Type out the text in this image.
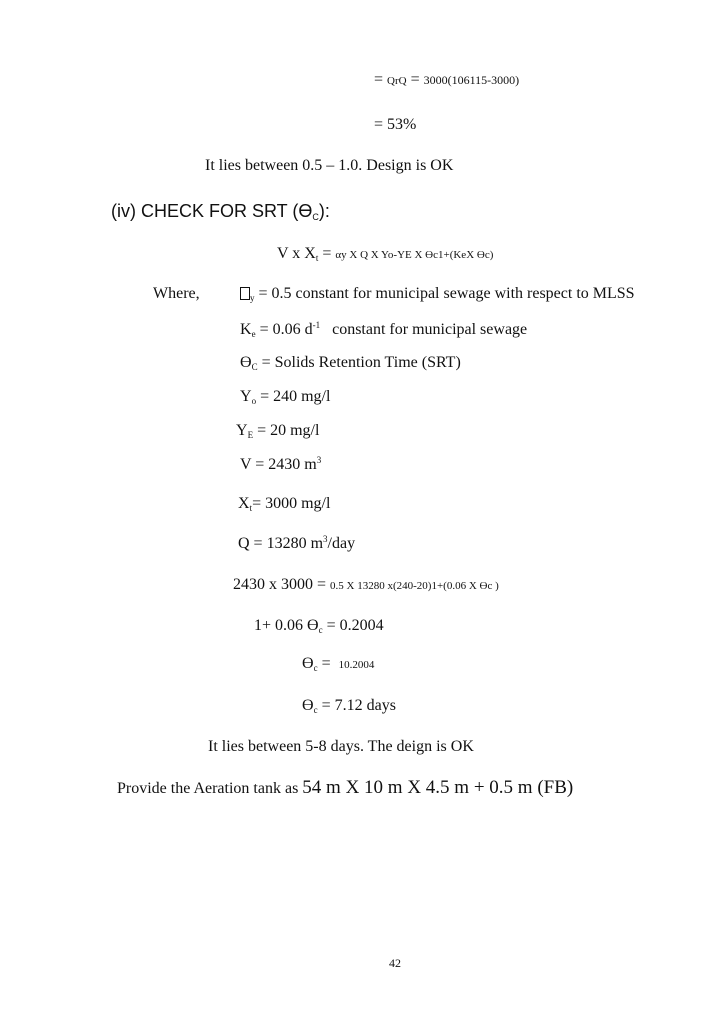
= QrQ = 3000(106115-3000)
= 53%
It lies between 0.5 – 1.0. Design is OK
(iv) CHECK FOR SRT (ϴC):
V x Xt = αy X Q X Yo-YE X ϴc1+(KeX ϴc)
Where,	y = 0.5 constant for municipal sewage with respect to MLSS
Ke = 0.06 $d^{-1}$   constant for municipal sewage
ϴC = Solids Retention Time (SRT)
Yo = 240 mg/l
YE = 20 mg/l
V = 2430 $m^3$
Xt= 3000 mg/l
Q = 13280 $m^3$/day
2430 x 3000 = 0.5 X 13280 x(240-20)1+(0.06 X ϴc )
1+ 0.06 ϴc = 0.2004
ϴc =  10.2004
ϴc = 7.12 days
It lies between 5-8 days. The deign is OK
Provide the Aeration tank as 54 m X 10 m X 4.5 m + 0.5 m (FB)
42
